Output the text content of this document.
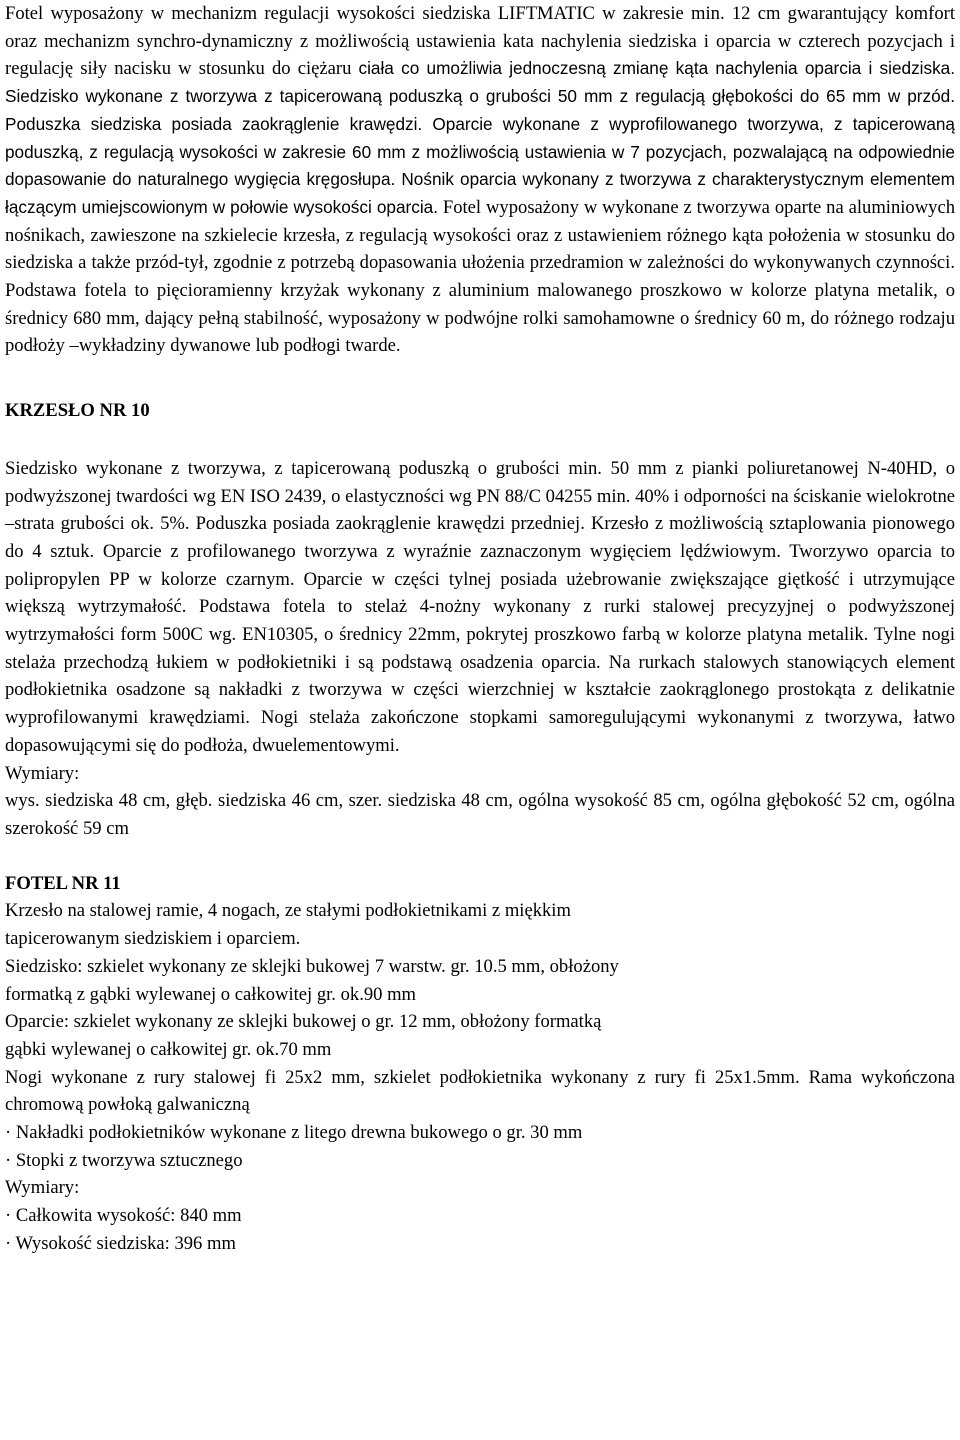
Fotel wyposażony w mechanizm regulacji wysokości siedziska LIFTMATIC w zakresie min. 12 cm gwarantujący komfort oraz mechanizm synchro-dynamiczny z możliwością ustawienia kata nachylenia siedziska i oparcia w czterech pozycjach i regulację siły nacisku w stosunku do ciężaru ciała co umożliwia jednoczesną zmianę kąta nachylenia oparcia i siedziska. Siedzisko wykonane z tworzywa z tapicerowaną poduszką o grubości 50 mm z regulacją głębokości do 65 mm w przód. Poduszka siedziska posiada zaokrąglenie krawędzi. Oparcie wykonane z wyprofilowanego tworzywa, z tapicerowaną poduszką, z regulacją wysokości w zakresie 60 mm z możliwością ustawienia w 7 pozycjach, pozwalającą na odpowiednie dopasowanie do naturalnego wygięcia kręgosłupa. Nośnik oparcia wykonany z tworzywa z charakterystycznym elementem łączącym umiejscowionym w połowie wysokości oparcia. Fotel wyposażony w wykonane z tworzywa oparte na aluminiowych nośnikach, zawieszone na szkielecie krzesła, z regulacją wysokości oraz z ustawieniem różnego kąta położenia w stosunku do siedziska a także przód-tył, zgodnie z potrzebą dopasowania ułożenia przedramion w zależności do wykonywanych czynności. Podstawa fotela to pięcioramienny krzyżak wykonany z aluminium malowanego proszkowo w kolorze platyna metalik, o średnicy 680 mm, dający pełną stabilność, wyposażony w podwójne rolki samohamowne o średnicy 60 m, do różnego rodzaju podłoży –wykładziny dywanowe lub podłogi twarde.

KRZESŁO NR 10

Siedzisko wykonane z tworzywa, z tapicerowaną poduszką o grubości min. 50 mm z pianki poliuretanowej N-40HD, o podwyższonej twardości wg EN ISO 2439, o elastyczności wg PN 88/C 04255 min. 40% i odporności na ściskanie wielokrotne –strata grubości ok. 5%. Poduszka posiada zaokrąglenie krawędzi przedniej. Krzesło z możliwością sztaplowania pionowego do 4 sztuk. Oparcie z profilowanego tworzywa z wyraźnie zaznaczonym wygięciem lędźwiowym. Tworzywo oparcia to polipropylen PP w kolorze czarnym. Oparcie w części tylnej posiada użebrowanie zwiększające giętkość i utrzymujące większą wytrzymałość. Podstawa fotela to stelaż 4-nożny wykonany z rurki stalowej precyzyjnej o podwyższonej wytrzymałości form 500C wg. EN10305, o średnicy 22mm, pokrytej proszkowo farbą w kolorze platyna metalik. Tylne nogi stelaża przechodzą łukiem w podłokietniki i są podstawą osadzenia oparcia. Na rurkach stalowych stanowiących element podłokietnika osadzone są nakładki z tworzywa w części wierzchniej w kształcie zaokrąglonego prostokąta z delikatnie wyprofilowanymi krawędziami. Nogi stelaża zakończone stopkami samoregulującymi wykonanymi z tworzywa, łatwo dopasowującymi się do podłoża, dwuelementowymi.

Wymiary:

wys. siedziska 48 cm, głęb. siedziska 46 cm, szer. siedziska 48 cm, ogólna wysokość 85 cm, ogólna głębokość 52 cm, ogólna szerokość 59 cm

FOTEL NR 11

Krzesło na stalowej ramie, 4 nogach, ze stałymi podłokietnikami z miękkim

tapicerowanym siedziskiem i oparciem.

Siedzisko: szkielet wykonany ze sklejki bukowej 7 warstw. gr. 10.5 mm, obłożony

formatką z gąbki wylewanej o całkowitej gr. ok.90 mm

Oparcie: szkielet wykonany ze sklejki bukowej o gr. 12 mm, obłożony formatką

gąbki wylewanej o całkowitej gr. ok.70 mm

Nogi wykonane z rury stalowej fi 25x2 mm, szkielet podłokietnika wykonany z rury fi 25x1.5mm. Rama wykończona chromową powłoką galwaniczną

· Nakładki podłokietników wykonane z litego drewna bukowego o gr. 30 mm

· Stopki z tworzywa sztucznego

Wymiary:

· Całkowita wysokość: 840 mm

· Wysokość siedziska: 396 mm
